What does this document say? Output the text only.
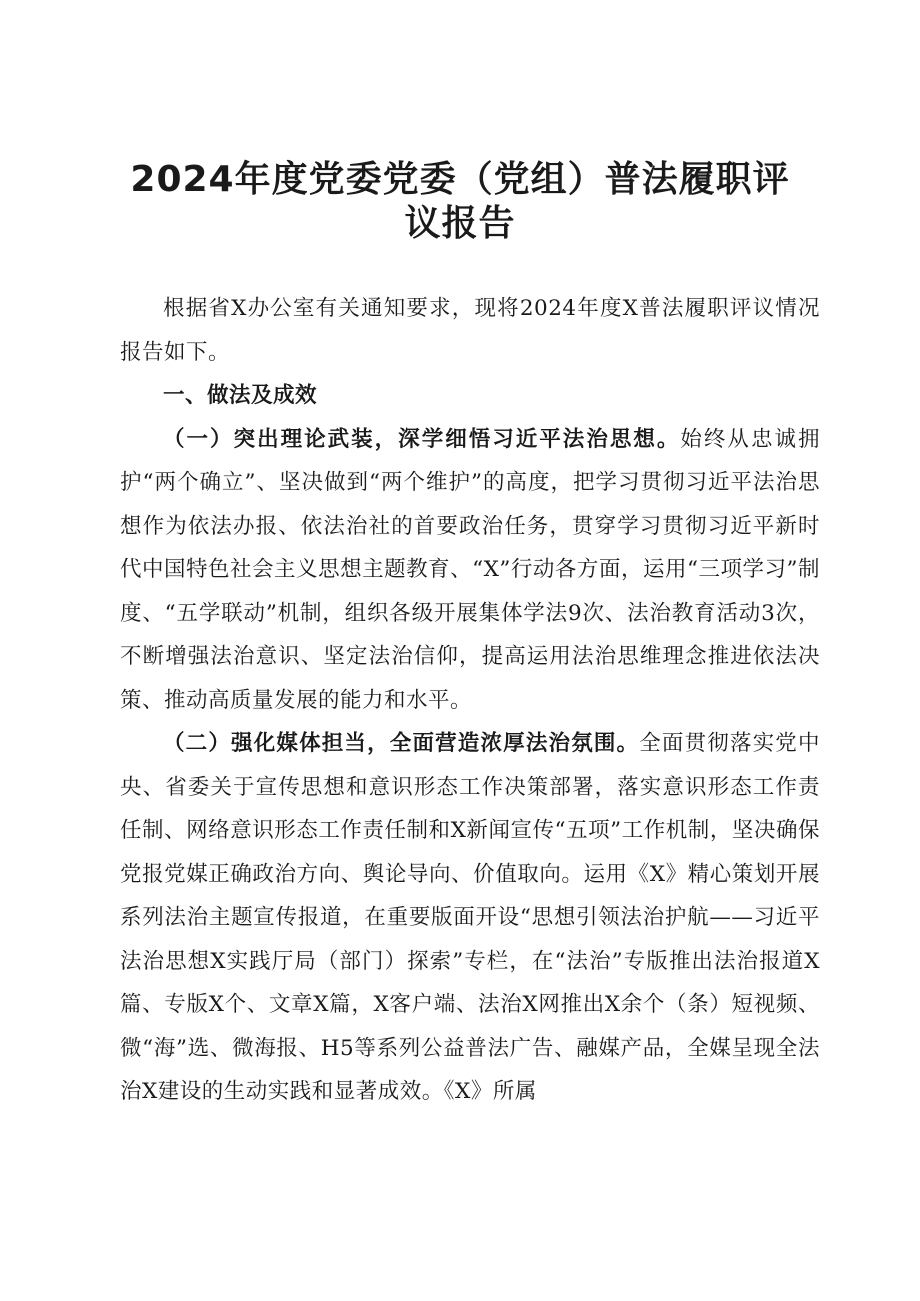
2024年度党委党委（党组）普法履职评议报告

根据省X办公室有关通知要求，现将2024年度X普法履职评议情况报告如下。

一、做法及成效

（一）突出理论武装，深学细悟习近平法治思想。始终从忠诚拥护“两个确立”、坚决做到“两个维护”的高度，把学习贯彻习近平法治思想作为依法办报、依法治社的首要政治任务，贯穿学习贯彻习近平新时代中国特色社会主义思想主题教育、“X”行动各方面，运用“三项学习”制度、“五学联动”机制，组织各级开展集体学法9次、法治教育活动3次，不断增强法治意识、坚定法治信仰，提高运用法治思维理念推进依法决策、推动高质量发展的能力和水平。

（二）强化媒体担当，全面营造浓厚法治氛围。全面贯彻落实党中央、省委关于宣传思想和意识形态工作决策部署，落实意识形态工作责任制、网络意识形态工作责任制和X新闻宣传“五项”工作机制，坚决确保党报党媒正确政治方向、舆论导向、价值取向。运用《X》精心策划开展系列法治主题宣传报道，在重要版面开设“思想引领法治护航——习近平法治思想X实践厅局（部门）探索”专栏，在“法治”专版推出法治报道X篇、专版X个、文章X篇，X客户端、法治X网推出X余个（条）短视频、微“海”选、微海报、H5等系列公益普法广告、融媒产品，全媒呈现全法治X建设的生动实践和显著成效。《X》所属
